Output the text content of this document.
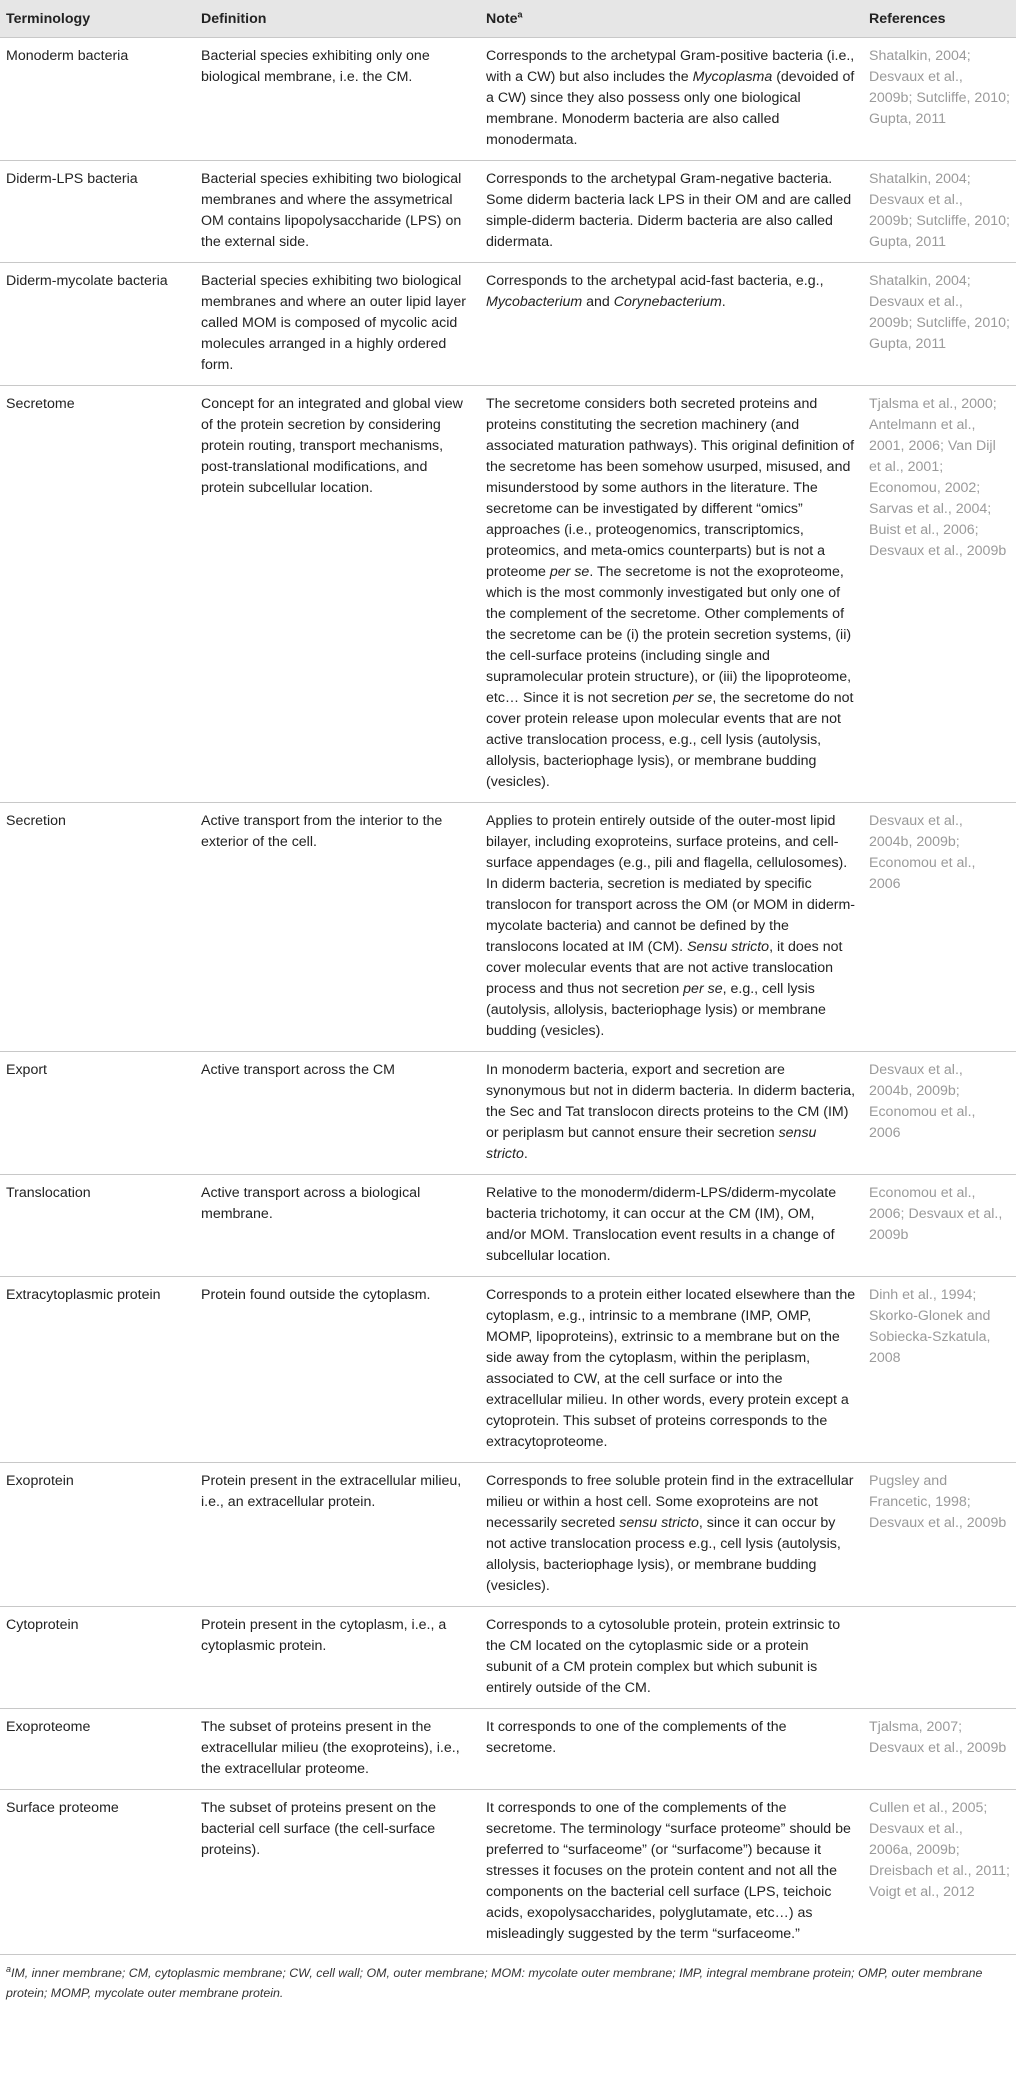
Terminology	Definition	Note$^a$	References
Monoderm bacteria	Bacterial species exhibiting only one biological membrane, i.e. the CM.	Corresponds to the archetypal Gram-positive bacteria (i.e., with a CW) but also includes the Mycoplasma (devoided of a CW) since they also possess only one biological membrane. Monoderm bacteria are also called monodermata.	Shatalkin, 2004; Desvaux et al., 2009b; Sutcliffe, 2010; Gupta, 2011
Diderm-LPS bacteria	Bacterial species exhibiting two biological membranes and where the assymetrical OM contains lipopolysaccharide (LPS) on the external side.	Corresponds to the archetypal Gram-negative bacteria. Some diderm bacteria lack LPS in their OM and are called simple-diderm bacteria. Diderm bacteria are also called didermata.	Shatalkin, 2004; Desvaux et al., 2009b; Sutcliffe, 2010; Gupta, 2011
Diderm-mycolate bacteria	Bacterial species exhibiting two biological membranes and where an outer lipid layer called MOM is composed of mycolic acid molecules arranged in a highly ordered form.	Corresponds to the archetypal acid-fast bacteria, e.g., Mycobacterium and Corynebacterium.	Shatalkin, 2004; Desvaux et al., 2009b; Sutcliffe, 2010; Gupta, 2011
Secretome	Concept for an integrated and global view of the protein secretion by considering protein routing, transport mechanisms, post-translational modifications, and protein subcellular location.	The secretome considers both secreted proteins and proteins constituting the secretion machinery (and associated maturation pathways). This original definition of the secretome has been somehow usurped, misused, and misunderstood by some authors in the literature. The secretome can be investigated by different “omics” approaches (i.e., proteogenomics, transcriptomics, proteomics, and meta-omics counterparts) but is not a proteome per se. The secretome is not the exoproteome, which is the most commonly investigated but only one of the complement of the secretome. Other complements of the secretome can be (i) the protein secretion systems, (ii) the cell-surface proteins (including single and supramolecular protein structure), or (iii) the lipoproteome, etc… Since it is not secretion per se, the secretome do not cover protein release upon molecular events that are not active translocation process, e.g., cell lysis (autolysis, allolysis, bacteriophage lysis), or membrane budding (vesicles).	Tjalsma et al., 2000; Antelmann et al., 2001, 2006; Van Dijl et al., 2001; Economou, 2002; Sarvas et al., 2004; Buist et al., 2006; Desvaux et al., 2009b
Secretion	Active transport from the interior to the exterior of the cell.	Applies to protein entirely outside of the outer-most lipid bilayer, including exoproteins, surface proteins, and cell-surface appendages (e.g., pili and flagella, cellulosomes). In diderm bacteria, secretion is mediated by specific translocon for transport across the OM (or MOM in diderm-mycolate bacteria) and cannot be defined by the translocons located at IM (CM). Sensu stricto, it does not cover molecular events that are not active translocation process and thus not secretion per se, e.g., cell lysis (autolysis, allolysis, bacteriophage lysis) or membrane budding (vesicles).	Desvaux et al., 2004b, 2009b; Economou et al., 2006
Export	Active transport across the CM	In monoderm bacteria, export and secretion are synonymous but not in diderm bacteria. In diderm bacteria, the Sec and Tat translocon directs proteins to the CM (IM) or periplasm but cannot ensure their secretion sensu stricto.	Desvaux et al., 2004b, 2009b; Economou et al., 2006
Translocation	Active transport across a biological membrane.	Relative to the monoderm/diderm-LPS/diderm-mycolate bacteria trichotomy, it can occur at the CM (IM), OM, and/or MOM. Translocation event results in a change of subcellular location.	Economou et al., 2006; Desvaux et al., 2009b
Extracytoplasmic protein	Protein found outside the cytoplasm.	Corresponds to a protein either located elsewhere than the cytoplasm, e.g., intrinsic to a membrane (IMP, OMP, MOMP, lipoproteins), extrinsic to a membrane but on the side away from the cytoplasm, within the periplasm, associated to CW, at the cell surface or into the extracellular milieu. In other words, every protein except a cytoprotein. This subset of proteins corresponds to the extracytoproteome.	Dinh et al., 1994; Skorko-Glonek and Sobiecka-Szkatula, 2008
Exoprotein	Protein present in the extracellular milieu, i.e., an extracellular protein.	Corresponds to free soluble protein find in the extracellular milieu or within a host cell. Some exoproteins are not necessarily secreted sensu stricto, since it can occur by not active translocation process e.g., cell lysis (autolysis, allolysis, bacteriophage lysis), or membrane budding (vesicles).	Pugsley and Francetic, 1998; Desvaux et al., 2009b
Cytoprotein	Protein present in the cytoplasm, i.e., a cytoplasmic protein.	Corresponds to a cytosoluble protein, protein extrinsic to the CM located on the cytoplasmic side or a protein subunit of a CM protein complex but which subunit is entirely outside of the CM.	
Exoproteome	The subset of proteins present in the extracellular milieu (the exoproteins), i.e., the extracellular proteome.	It corresponds to one of the complements of the secretome.	Tjalsma, 2007; Desvaux et al., 2009b
Surface proteome	The subset of proteins present on the bacterial cell surface (the cell-surface proteins).	It corresponds to one of the complements of the secretome. The terminology “surface proteome” should be preferred to “surfaceome” (or “surfacome”) because it stresses it focuses on the protein content and not all the components on the bacterial cell surface (LPS, teichoic acids, exopolysaccharides, polyglutamate, etc…) as misleadingly suggested by the term “surfaceome.”	Cullen et al., 2005; Desvaux et al., 2006a, 2009b; Dreisbach et al., 2011; Voigt et al., 2012
$^a$IM, inner membrane; CM, cytoplasmic membrane; CW, cell wall; OM, outer membrane; MOM: mycolate outer membrane; IMP, integral membrane protein; OMP, outer membrane protein; MOMP, mycolate outer membrane protein.
